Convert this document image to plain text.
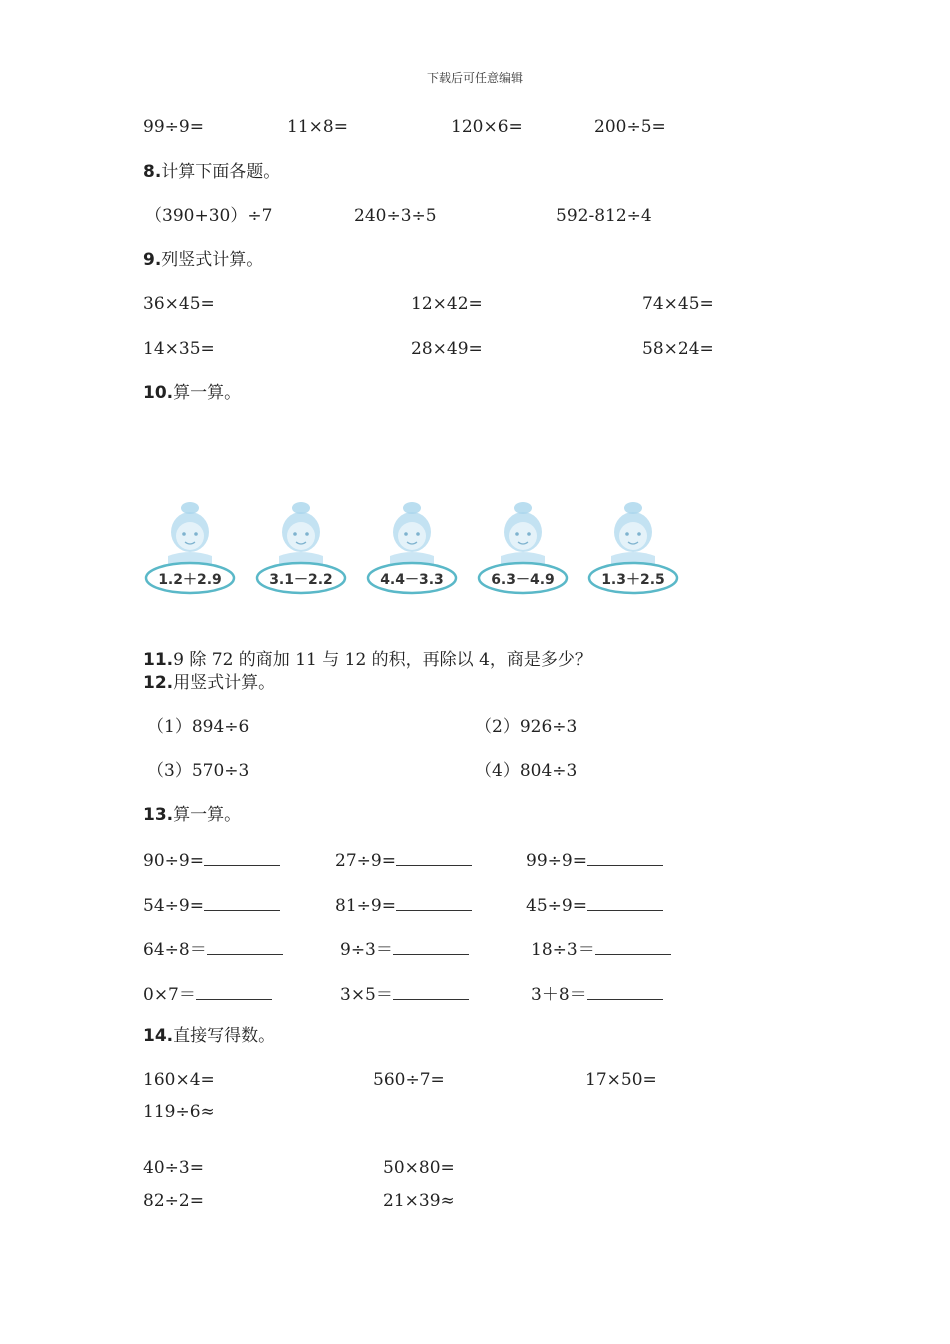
下载后可任意编辑
99÷9=	11×8=	120×6=	200÷5=
8.计算下面各题。
（390+30）÷7	240÷3÷5	592-812÷4
9.列竖式计算。
36×45=	12×42=	74×45=
14×35=	28×49=	58×24=
10.算一算。
1.2＋2.9	3.1－2.2	4.4－3.3	6.3－4.9	1.3＋2.5
11.9 除 72 的商加 11 与 12 的积，再除以 4，商是多少？
12.用竖式计算。
（1）894÷6	（2）926÷3
（3）570÷3	（4）804÷3
13.算一算。
90÷9=	27÷9=	99÷9=
54÷9=	81÷9=	45÷9=
64÷8＝	9÷3＝	18÷3＝
0×7＝	3×5＝	3＋8＝
14.直接写得数。
160×4=	560÷7=	17×50=
119÷6≈
40÷3=	50×80=
82÷2=	21×39≈
